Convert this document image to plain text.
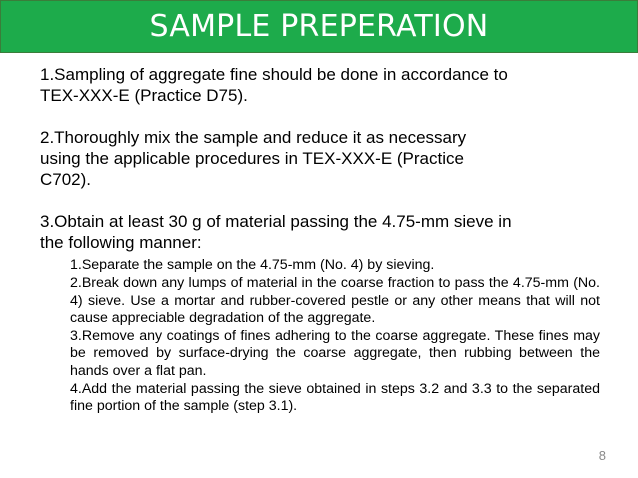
SAMPLE PREPERATION

1.Sampling of aggregate fine should be done in accordance to
TEX-XXX-E (Practice D75).

2.Thoroughly mix the sample and reduce it as necessary
using the applicable procedures in TEX-XXX-E (Practice
C702).

3.Obtain at least 30 g of material passing the 4.75-mm sieve in
the following manner:

1.Separate the sample on the 4.75-mm (No. 4) by sieving.

2.Break down any lumps of material in the coarse fraction to pass the 4.75-mm (No. 4) sieve. Use a mortar and rubber-covered pestle or any other means that will not cause appreciable degradation of the aggregate.

3.Remove any coatings of fines adhering to the coarse aggregate. These fines may be removed by surface-drying the coarse aggregate, then rubbing between the hands over a flat pan.

4.Add the material passing the sieve obtained in steps 3.2 and 3.3 to the separated fine portion of the sample (step 3.1).

8
